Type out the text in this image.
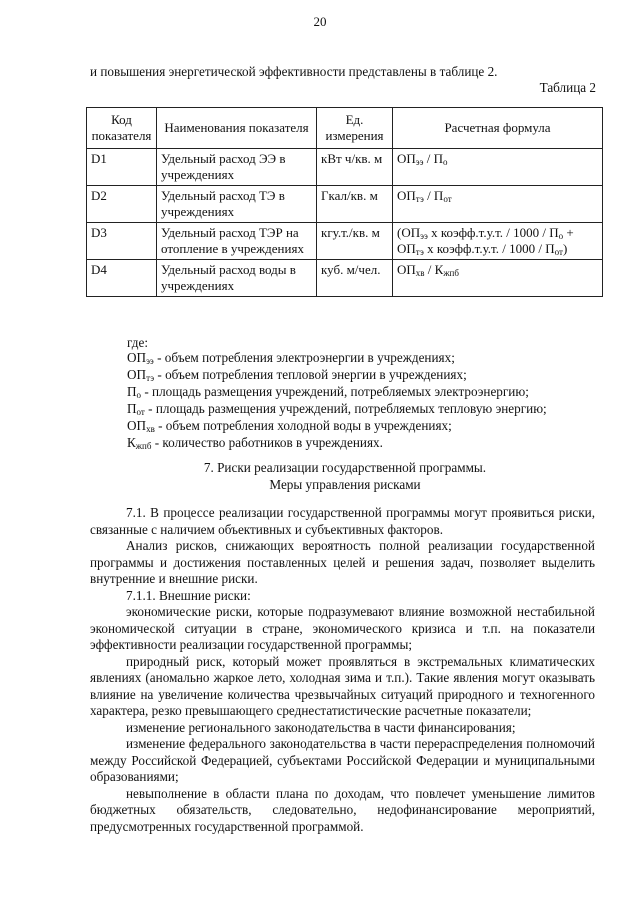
20
и повышения энергетической эффективности представлены в таблице 2.
Таблица 2
Код показателя	Наименования показателя	Ед. измерения	Расчетная формула
D1	Удельный расход ЭЭ в учреждениях	кВт ч/кв. м	$ОП_{ээ} / П_о$
D2	Удельный расход ТЭ в учреждениях	Гкал/кв. м	$ОП_{тэ} / П_{от}$
D3	Удельный расход ТЭР на отопление в учреждениях	кгу.т./кв. м	($ОП_{ээ}$ х коэфф.т.у.т. / $1000 / П_о + ОП_{тэ}$ х коэфф.т.у.т. / $1000 / П_{от}$)
D4	Удельный расход воды в учреждениях	куб. м/чел.	$ОП_{хв} / К_{жпб}$
где:

$ОП_{ээ}$ - объем потребления электроэнергии в учреждениях;

$ОП_{тэ}$ - объем потребления тепловой энергии в учреждениях;

$П_о$ - площадь размещения учреждений, потребляемых электроэнергию;

$П_{от}$ - площадь размещения учреждений, потребляемых тепловую энергию;

$ОП_{хв}$ - объем потребления холодной воды в учреждениях;

$К_{жпб}$ - количество работников в учреждениях.

7. Риски реализации государственной программы.

Меры управления рисками

7.1. В процессе реализации государственной программы могут проявиться риски, связанные с наличием объективных и субъективных факторов.

Анализ рисков, снижающих вероятность полной реализации государственной программы и достижения поставленных целей и решения задач, позволяет выделить внутренние и внешние риски.

7.1.1. Внешние риски:

экономические риски, которые подразумевают влияние возможной нестабильной экономической ситуации в стране, экономического кризиса и т.п. на показатели эффективности реализации государственной программы;

природный риск, который может проявляться в экстремальных климатических явлениях (аномально жаркое лето, холодная зима и т.п.). Такие явления могут оказывать влияние на увеличение количества чрезвычайных ситуаций природного и техногенного характера, резко превышающего среднестатистические расчетные показатели;

изменение регионального законодательства в части финансирования;

изменение федерального законодательства в части перераспределения полномочий между Российской Федерацией, субъектами Российской Федерации и муниципальными образованиями;

невыполнение в области плана по доходам, что повлечет уменьшение лимитов бюджетных обязательств, следовательно, недофинансирование мероприятий, предусмотренных государственной программой.
